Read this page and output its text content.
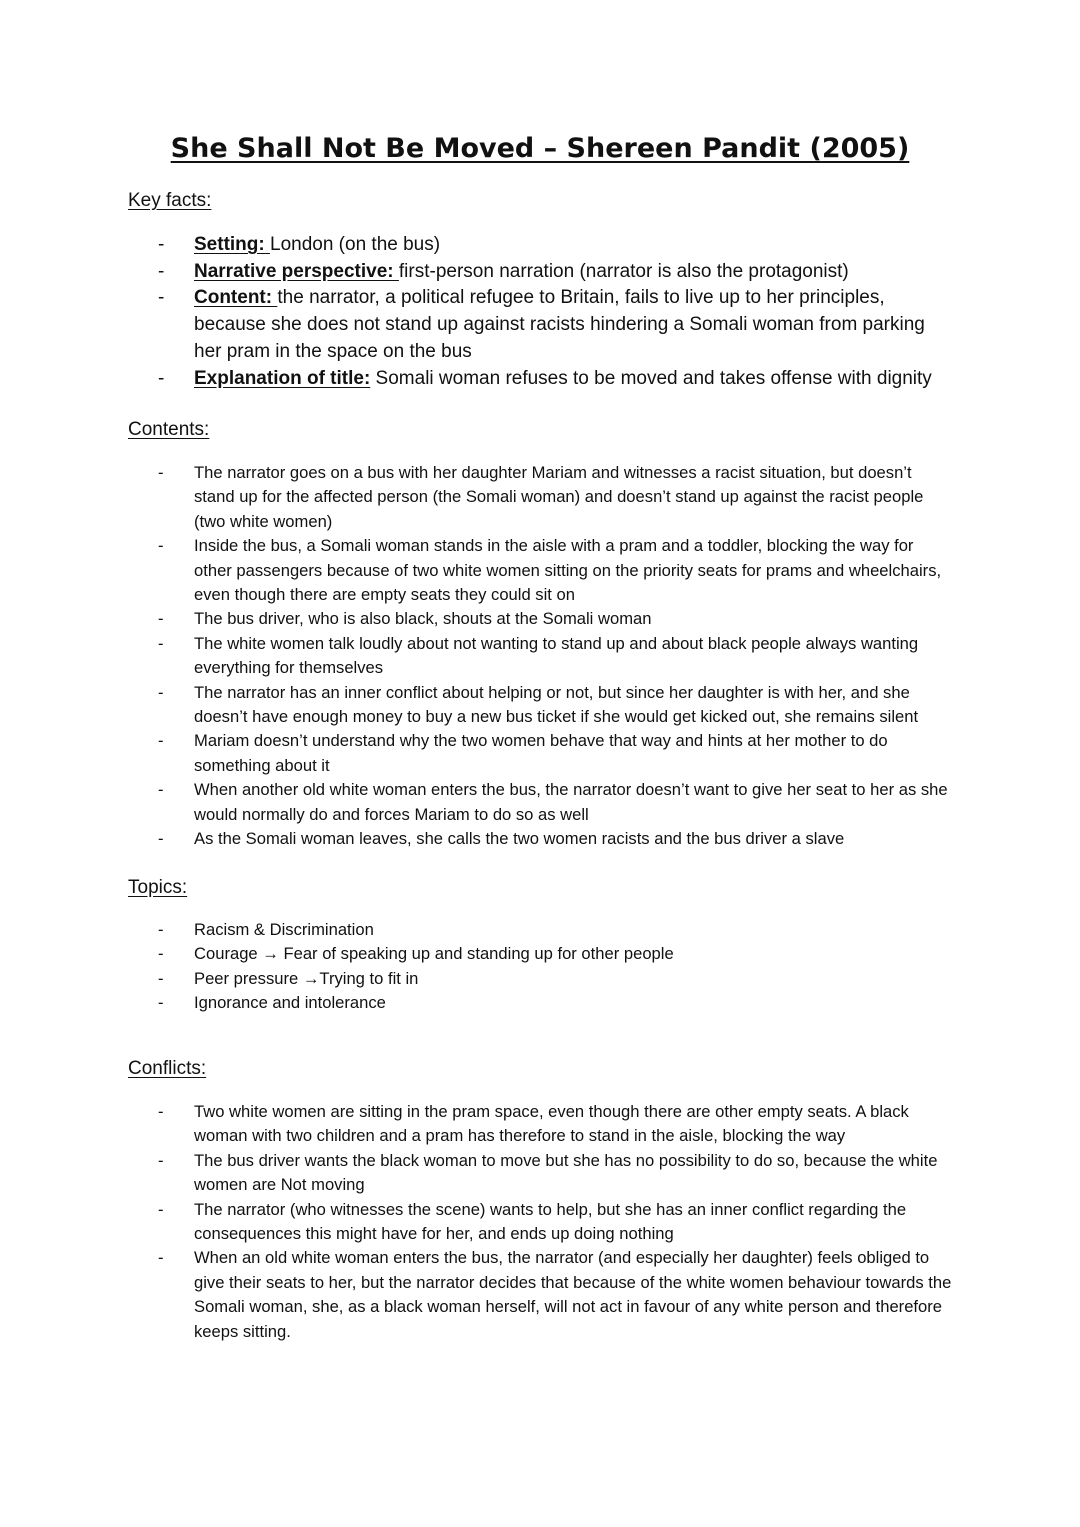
She Shall Not Be Moved – Shereen Pandit (2005)
Key facts:
- Setting: London (on the bus)
- Narrative perspective: first-person narration (narrator is also the protagonist)
- Content: the narrator, a political refugee to Britain, fails to live up to her principles, because she does not stand up against racists hindering a Somali woman from parking her pram in the space on the bus
- Explanation of title: Somali woman refuses to be moved and takes offense with dignity
Contents:
- The narrator goes on a bus with her daughter Mariam and witnesses a racist situation, but doesn’t stand up for the affected person (the Somali woman) and doesn’t stand up against the racist people (two white women)
- Inside the bus, a Somali woman stands in the aisle with a pram and a toddler, blocking the way for other passengers because of two white women sitting on the priority seats for prams and wheelchairs, even though there are empty seats they could sit on
- The bus driver, who is also black, shouts at the Somali woman
- The white women talk loudly about not wanting to stand up and about black people always wanting everything for themselves
- The narrator has an inner conflict about helping or not, but since her daughter is with her, and she doesn’t have enough money to buy a new bus ticket if she would get kicked out, she remains silent
- Mariam doesn’t understand why the two women behave that way and hints at her mother to do something about it
- When another old white woman enters the bus, the narrator doesn’t want to give her seat to her as she would normally do and forces Mariam to do so as well
- As the Somali woman leaves, she calls the two women racists and the bus driver a slave
Topics:
- Racism & Discrimination
- Courage → Fear of speaking up and standing up for other people
- Peer pressure →Trying to fit in
- Ignorance and intolerance
Conflicts:
- Two white women are sitting in the pram space, even though there are other empty seats. A black woman with two children and a pram has therefore to stand in the aisle, blocking the way
- The bus driver wants the black woman to move but she has no possibility to do so, because the white women are Not moving
- The narrator (who witnesses the scene) wants to help, but she has an inner conflict regarding the consequences this might have for her, and ends up doing nothing
- When an old white woman enters the bus, the narrator (and especially her daughter) feels obliged to give their seats to her, but the narrator decides that because of the white women behaviour towards the Somali woman, she, as a black woman herself, will not act in favour of any white person and therefore keeps sitting.
